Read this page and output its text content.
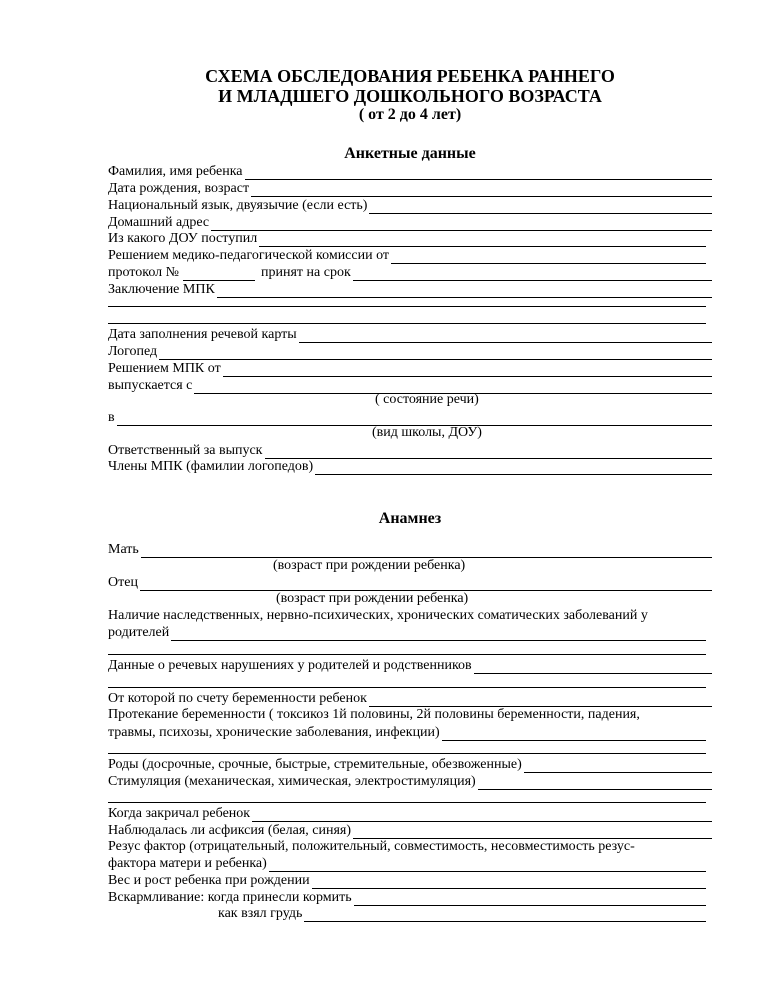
СХЕМА ОБСЛЕДОВАНИЯ РЕБЕНКА РАННЕГО
И МЛАДШЕГО ДОШКОЛЬНОГО ВОЗРАСТА
( от 2 до 4 лет)
Анкетные данные
Фамилия, имя ребенка
Дата рождения, возраст
Национальный язык, двуязычие (если есть)
Домашний адрес
Из какого ДОУ поступил
Решением медико-педагогической комиссии от
протокол №	принят на срок
Заключение МПК
Дата заполнения речевой карты
Логопед
Решением МПК от
выпускается с
( состояние речи)
в
(вид школы, ДОУ)
Ответственный за выпуск
Члены МПК (фамилии логопедов)
Анамнез
Мать
(возраст при рождении ребенка)
Отец
(возраст при рождении ребенка)
Наличие наследственных, нервно-психических, хронических соматических заболеваний у
родителей
Данные о речевых нарушениях у родителей и родственников
От которой по счету беременности ребенок
Протекание беременности ( токсикоз 1й половины, 2й половины беременности, падения,
травмы, психозы, хронические заболевания, инфекции)
Роды (досрочные, срочные, быстрые, стремительные, обезвоженные)
Стимуляция (механическая, химическая, электростимуляция)
Когда закричал ребенок
Наблюдалась ли асфиксия (белая, синяя)
Резус фактор (отрицательный, положительный, совместимость, несовместимость резус-
фактора матери и ребенка)
Вес и рост ребенка при рождении
Вскармливание: когда принесли кормить
как взял грудь
